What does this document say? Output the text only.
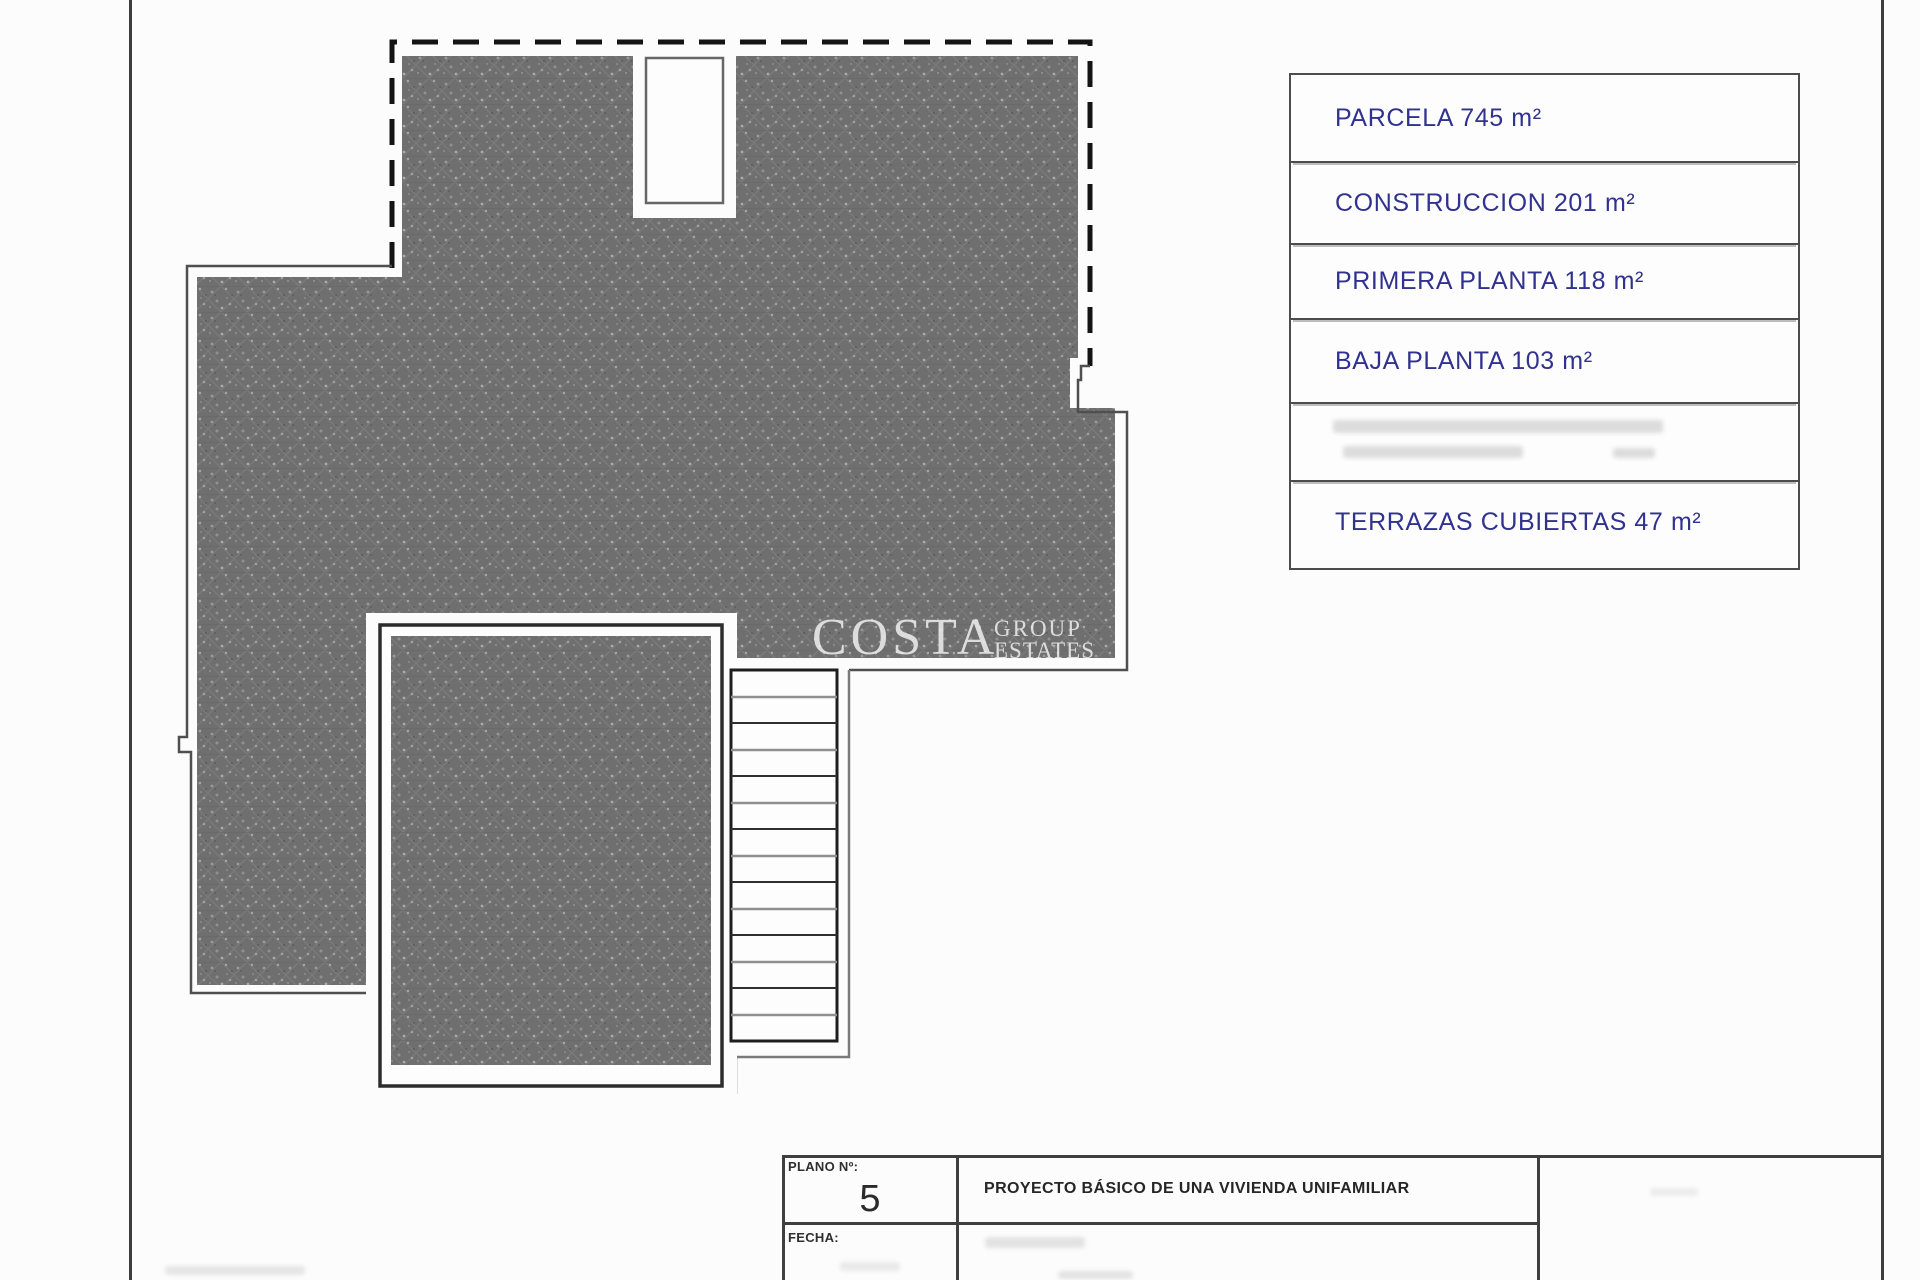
COSTA
GROUP
ESTATES
PARCELA 745 m²
CONSTRUCCION 201 m²
PRIMERA PLANTA 118 m²
BAJA PLANTA 103 m²
TERRAZAS CUBIERTAS 47 m²
PLANO Nº:
5	PROYECTO BÁSICO DE UNA VIVIENDA UNIFAMILIAR
FECHA:
